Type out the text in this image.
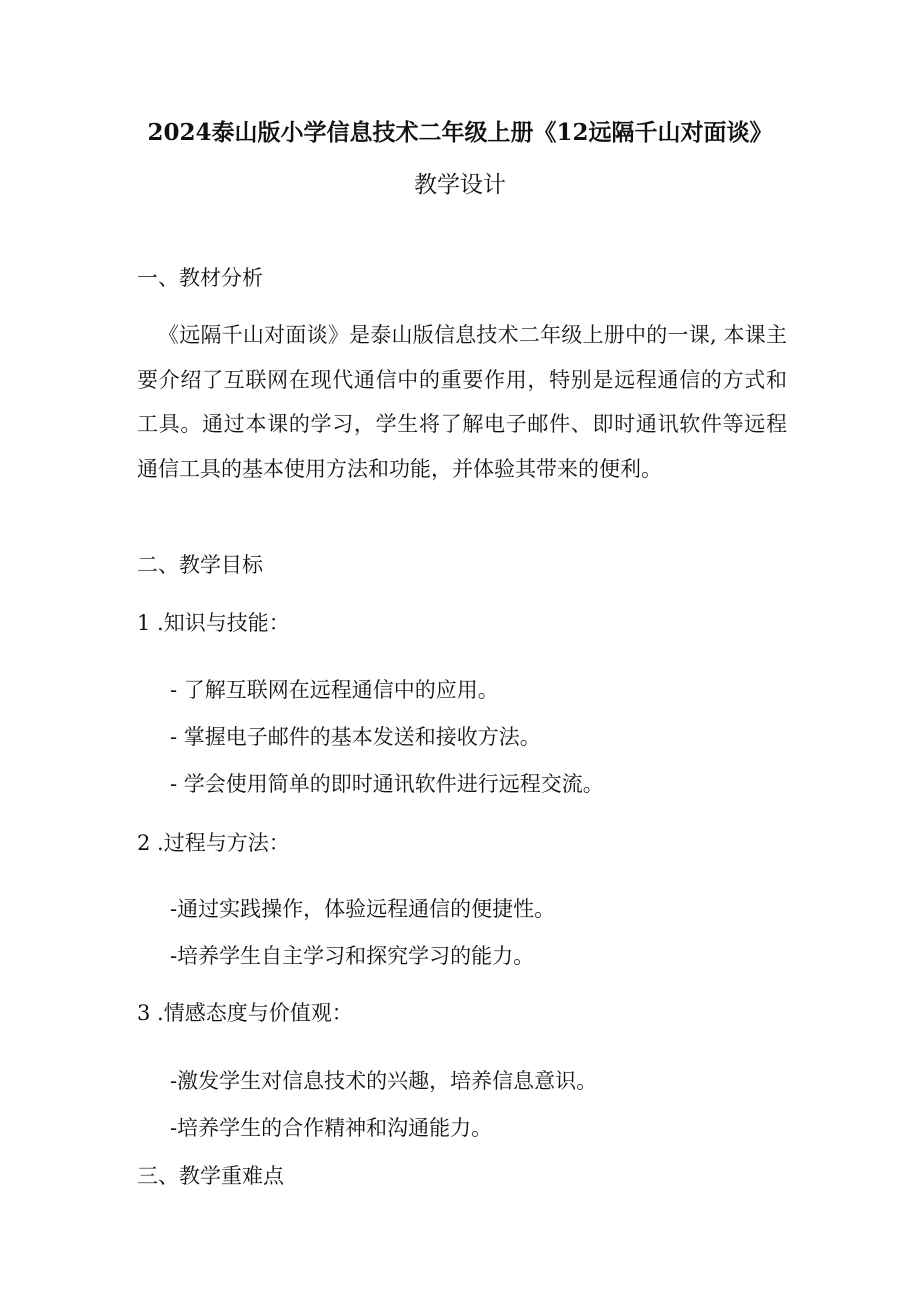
2024泰山版小学信息技术二年级上册《12远隔千山对面谈》
教学设计
一、教材分析
《远隔千山对面谈》是泰山版信息技术二年级上册中的一课, 本课主要介绍了互联网在现代通信中的重要作用，特别是远程通信的方式和工具。通过本课的学习，学生将了解电子邮件、即时通讯软件等远程通信工具的基本使用方法和功能，并体验其带来的便利。
二、教学目标
1 .知识与技能：
- 了解互联网在远程通信中的应用。
- 掌握电子邮件的基本发送和接收方法。
- 学会使用简单的即时通讯软件进行远程交流。
2 .过程与方法：
-通过实践操作，体验远程通信的便捷性。
-培养学生自主学习和探究学习的能力。
3 .情感态度与价值观：
-激发学生对信息技术的兴趣，培养信息意识。
-培养学生的合作精神和沟通能力。
三、教学重难点
